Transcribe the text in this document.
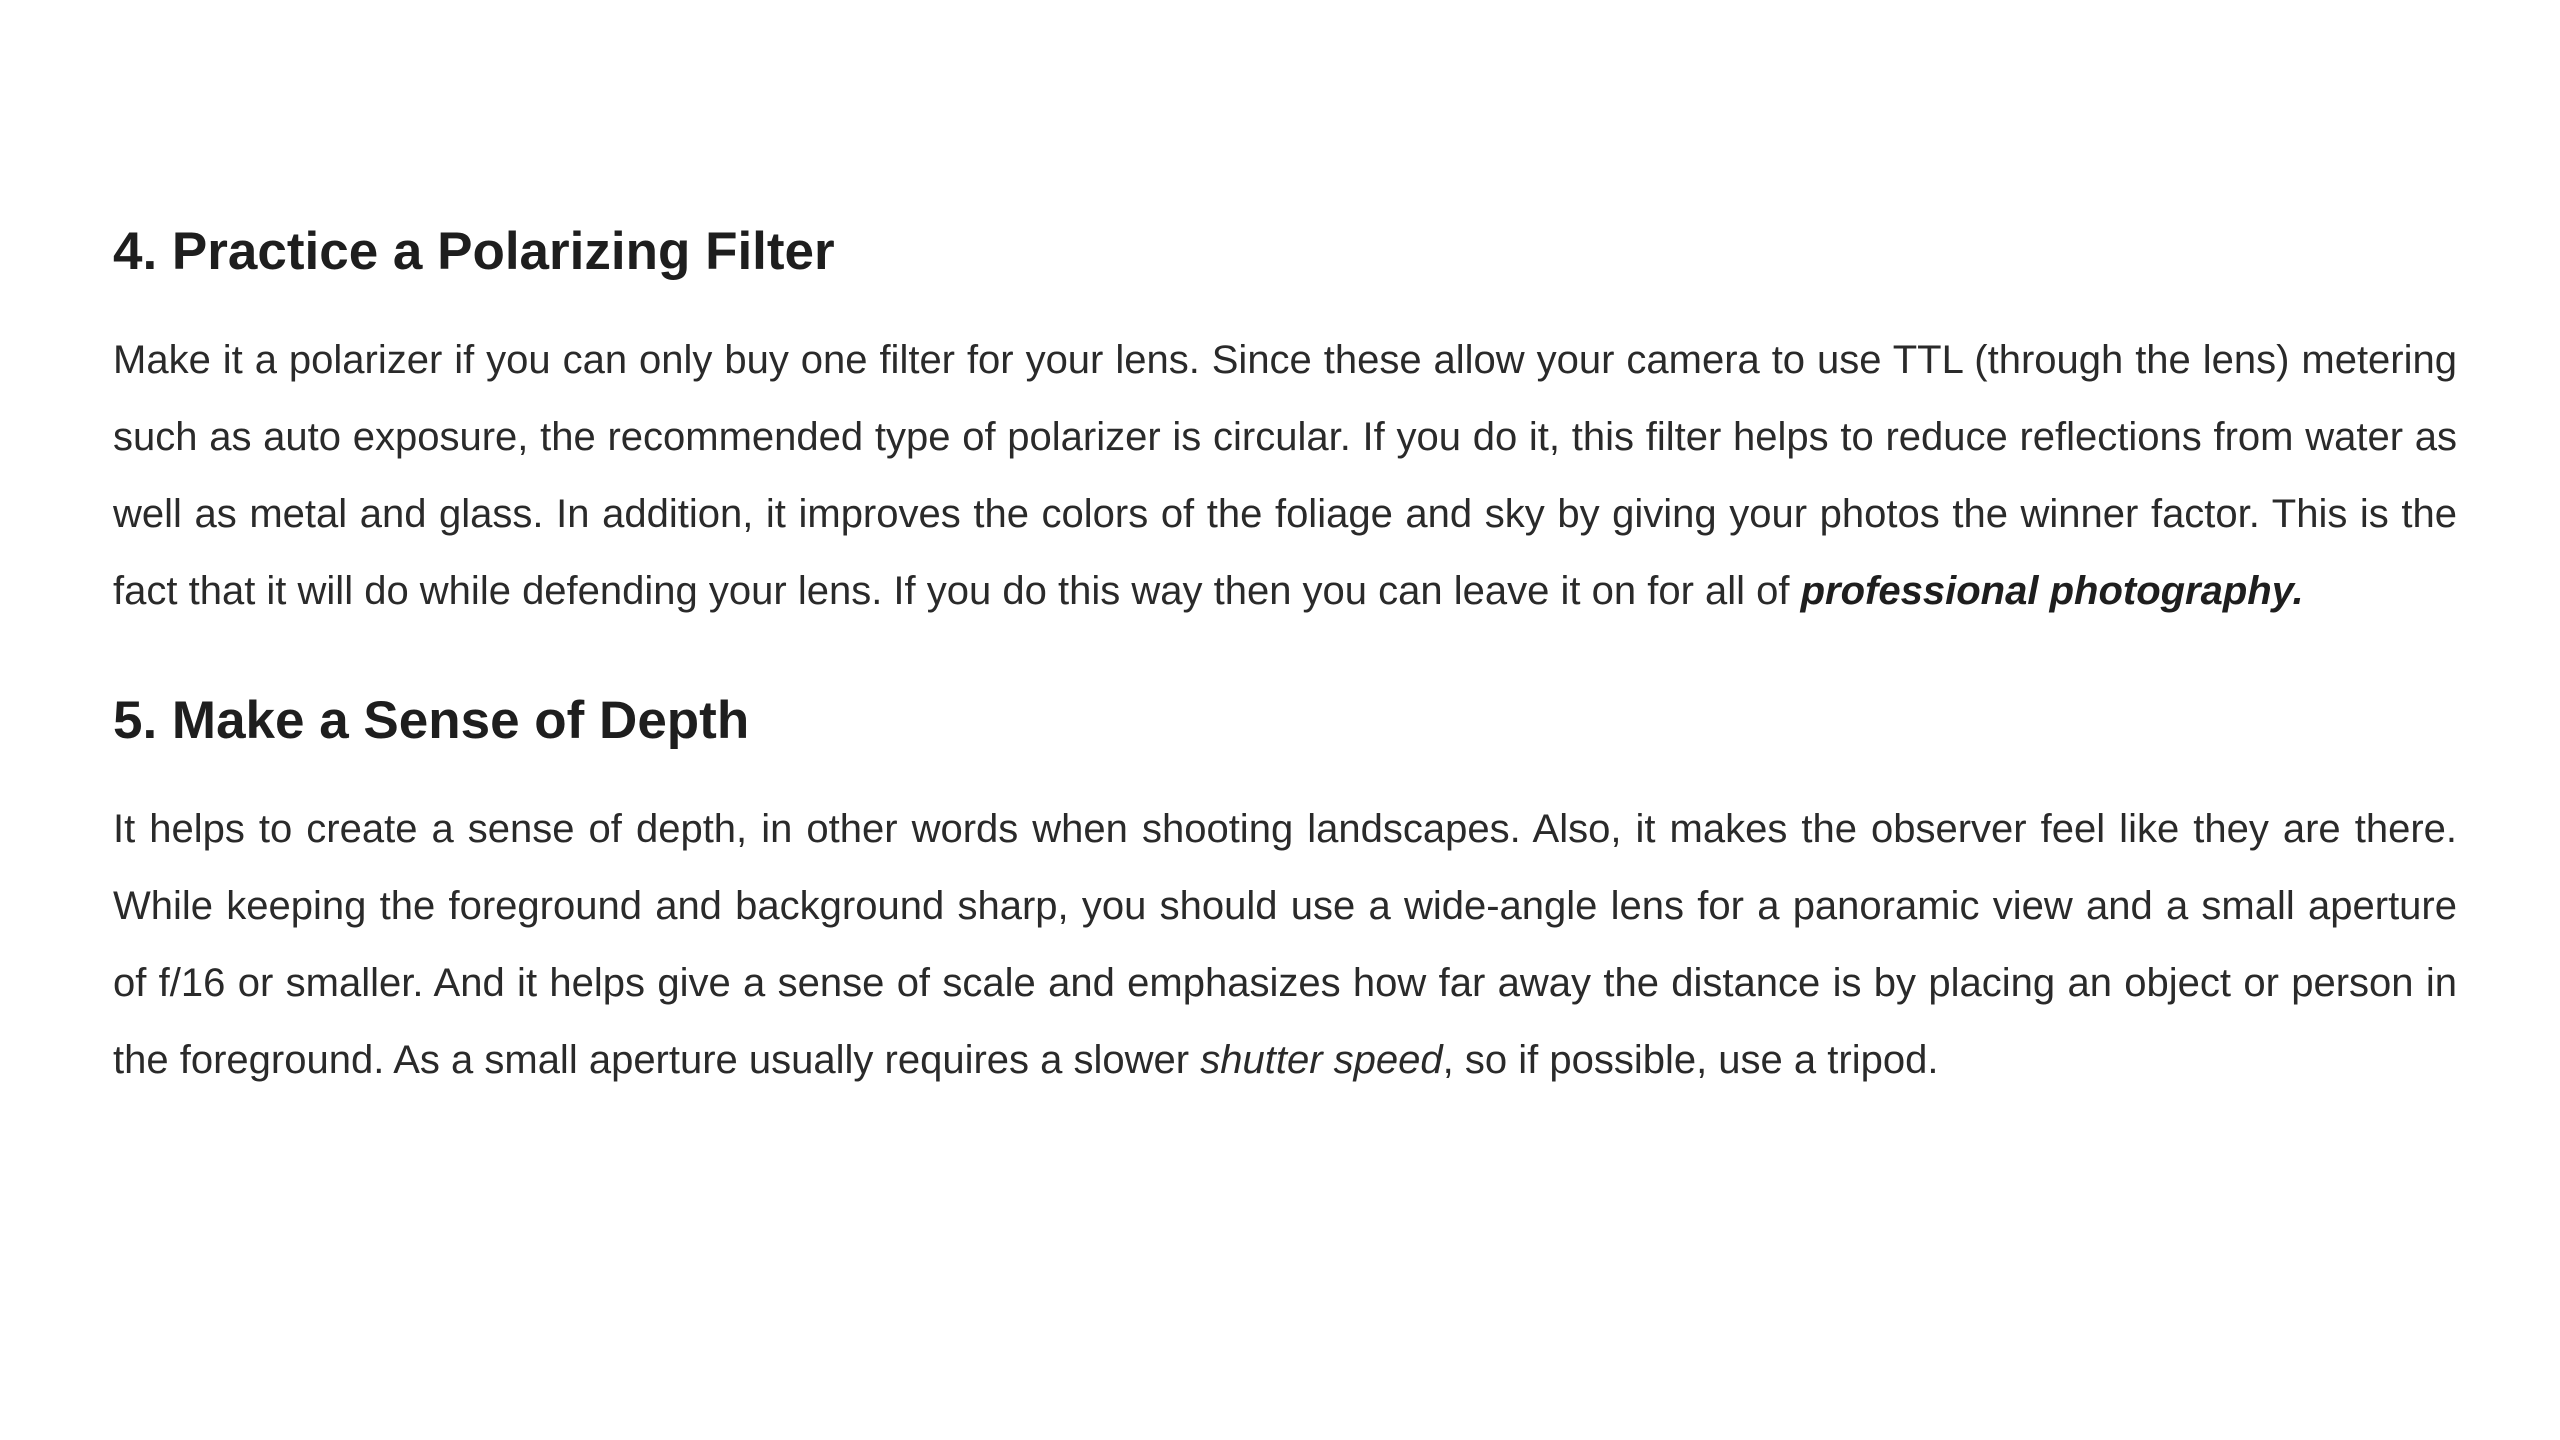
4. Practice a Polarizing Filter

Make it a polarizer if you can only buy one filter for your lens. Since these allow your camera to use TTL (through the lens) metering such as auto exposure, the recommended type of polarizer is circular. If you do it, this filter helps to reduce reflections from water as well as metal and glass. In addition, it improves the colors of the foliage and sky by giving your photos the winner factor. This is the fact that it will do while defending your lens. If you do this way then you can leave it on for all of professional photography.

5. Make a Sense of Depth

It helps to create a sense of depth, in other words when shooting landscapes. Also, it makes the observer feel like they are there. While keeping the foreground and background sharp, you should use a wide-angle lens for a panoramic view and a small aperture of f/16 or smaller. And it helps give a sense of scale and emphasizes how far away the distance is by placing an object or person in the foreground. As a small aperture usually requires a slower shutter speed, so if possible, use a tripod.
